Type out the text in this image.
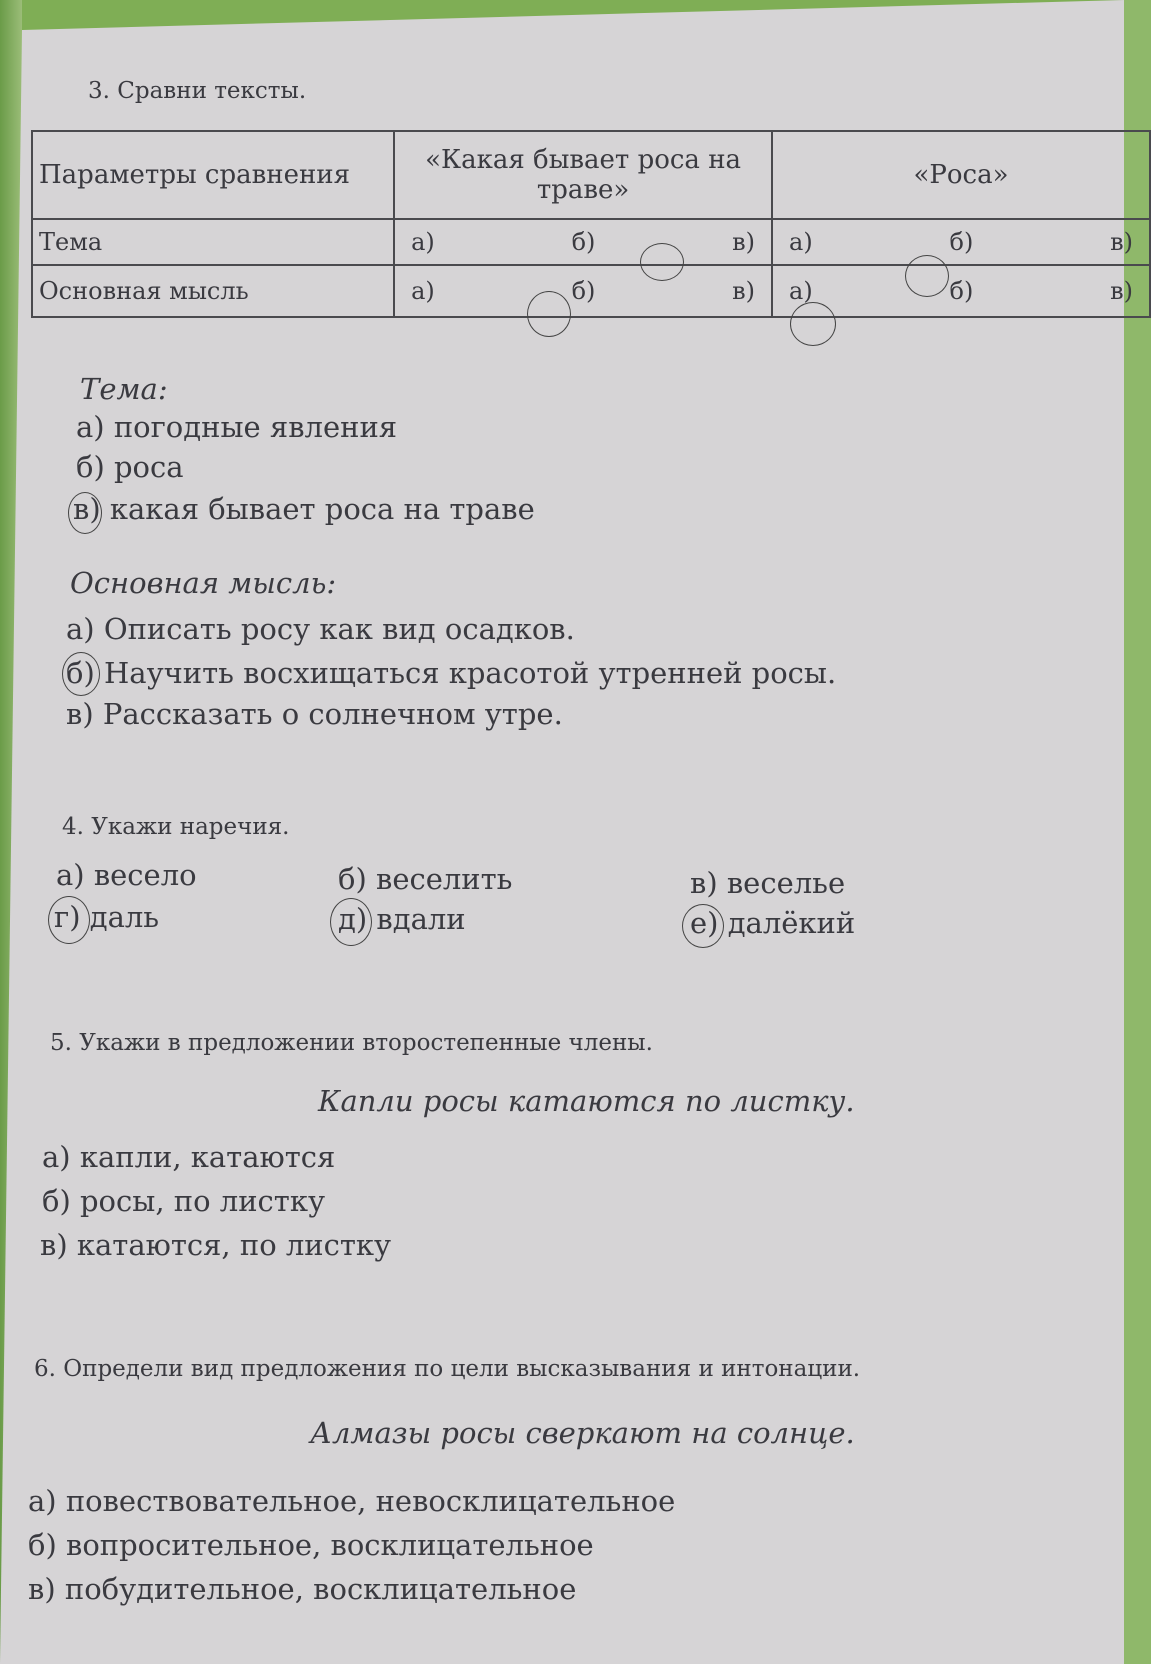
3. Сравни тексты.
Параметры сравнения	«Какая бывает роса на траве»	«Роса»
Тема	а) б) в)	а) б) в)

Основная мысль	а) б) в)	а) б) в)
Тема:
а) погодные явления
б) роса
в) какая бывает роса на траве
Основная мысль:
а) Описать росу как вид осадков.
б) Научить восхищаться красотой утренней росы.
в) Рассказать о солнечном утре.
4. Укажи наречия.
а) весело	б) веселить	в) веселье
г) даль	д) вдали	е) далёкий
5. Укажи в предложении второстепенные члены.
Капли росы катаются по листку.
а) капли, катаются
б) росы, по листку
в) катаются, по листку
6. Определи вид предложения по цели высказывания и интонации.
Алмазы росы сверкают на солнце.
а) повествовательное, невосклицательное
б) вопросительное, восклицательное
в) побудительное, восклицательное
